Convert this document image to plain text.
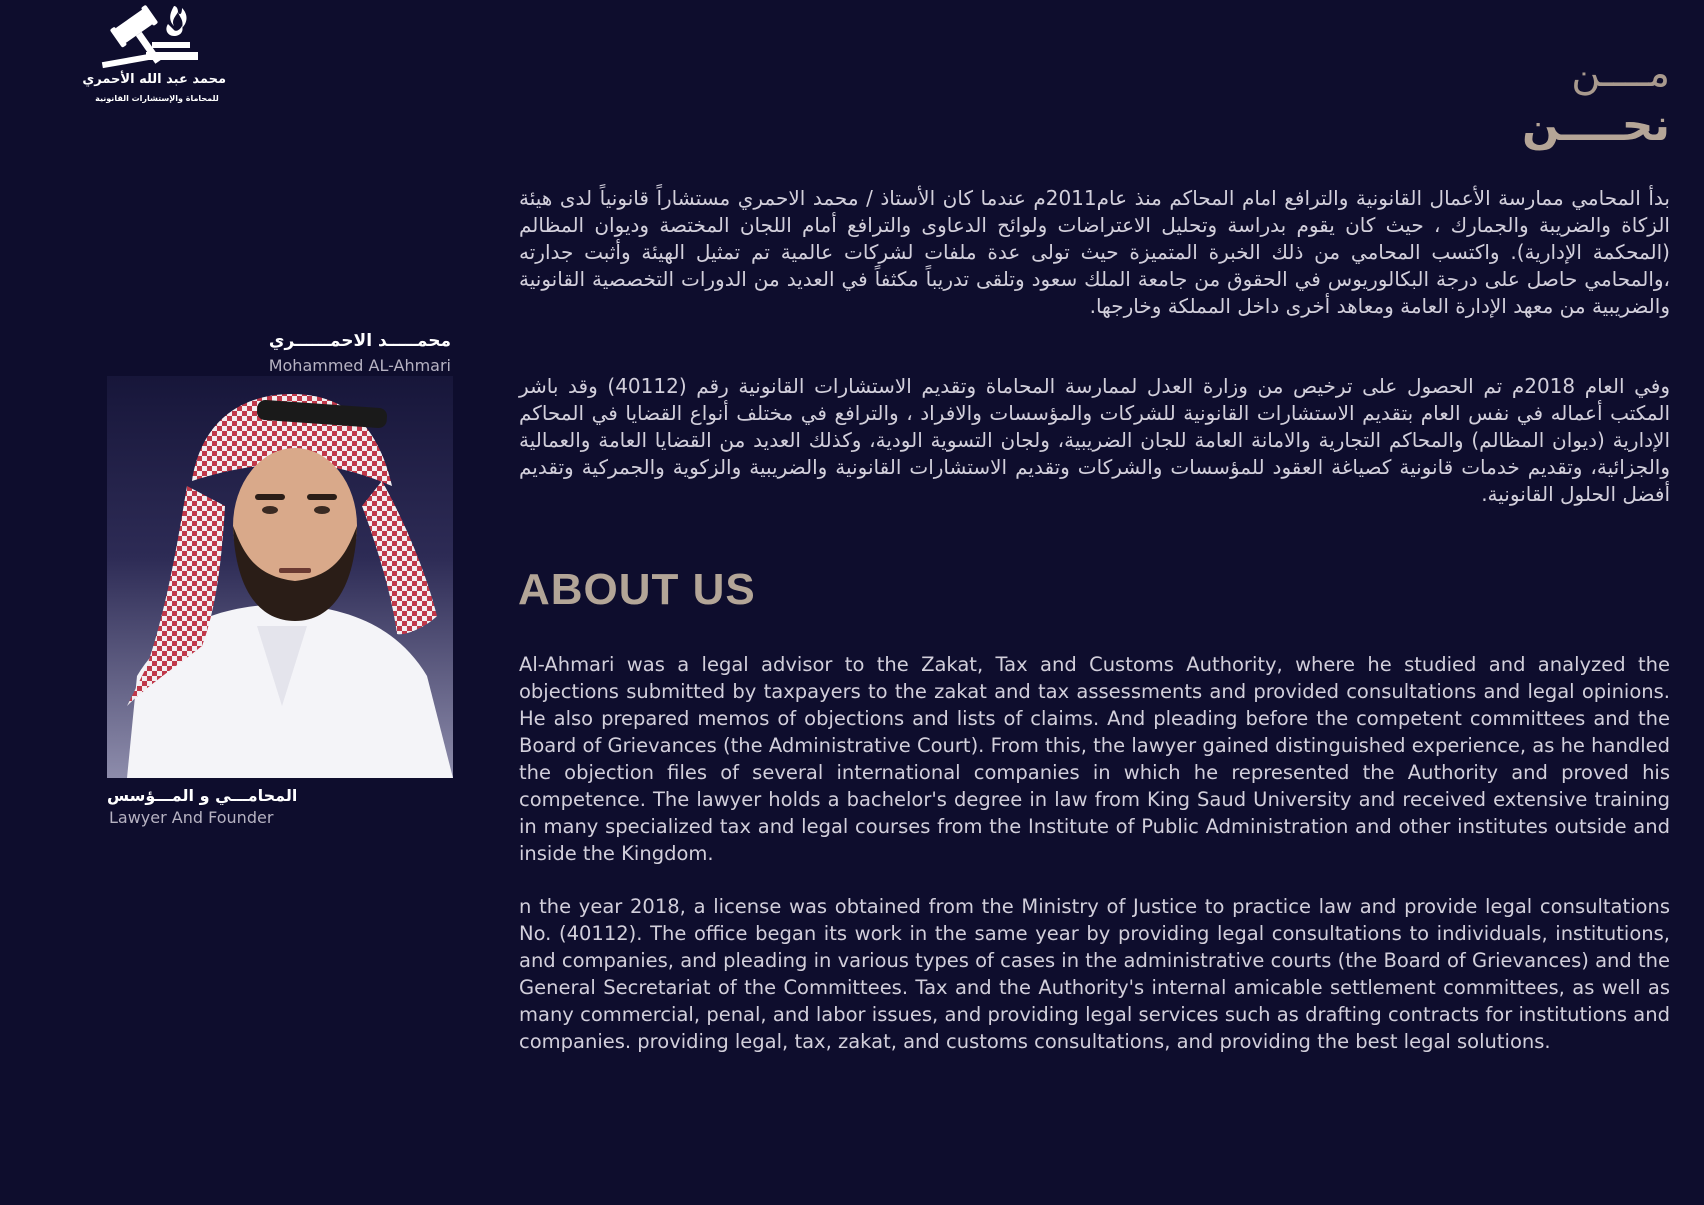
محمد عبد الله الأحمري
للمحاماة والإستشارات القانونية
محمـــــد الاحمــــــري
Mohammed AL-Ahmari
المحامـــي و المـــؤسس
Lawyer And Founder
مــــن
نحــــن

بدأ المحامي ممارسة الأعمال القانونية والترافع امام المحاكم منذ عام2011م عندما كان الأستاذ / محمد الاحمري مستشاراً قانونياً لدى هيئة الزكاة والضريبة والجمارك ، حيث كان يقوم بدراسة وتحليل الاعتراضات ولوائح الدعاوى والترافع أمام اللجان المختصة وديوان المظالم (المحكمة الإدارية). واكتسب المحامي من ذلك الخبرة المتميزة حيث تولى عدة ملفات لشركات عالمية تم تمثيل الهيئة وأثبت جدارته ،والمحامي حاصل على درجة البكالوريوس في الحقوق من جامعة الملك سعود وتلقى تدريباً مكثفاً في العديد من الدورات التخصصية القانونية والضريبية من معهد الإدارة العامة ومعاهد أخرى داخل المملكة وخارجها.

وفي العام 2018م تم الحصول على ترخيص من وزارة العدل لممارسة المحاماة وتقديم الاستشارات القانونية رقم (40112) وقد باشر المكتب أعماله في نفس العام بتقديم الاستشارات القانونية للشركات والمؤسسات والافراد ، والترافع في مختلف أنواع القضايا في المحاكم الإدارية (ديوان المظالم) والمحاكم التجارية والامانة العامة للجان الضريبية، ولجان التسوية الودية، وكذلك العديد من القضايا العامة والعمالية والجزائية، وتقديم خدمات قانونية كصياغة العقود للمؤسسات والشركات وتقديم الاستشارات القانونية والضريبية والزكوية والجمركية وتقديم أفضل الحلول القانونية.

ABOUT US

Al-Ahmari was a legal advisor to the Zakat, Tax and Customs Authority, where he studied and analyzed the objections submitted by taxpayers to the zakat and tax assessments and provided consultations and legal opinions. He also prepared memos of objections and lists of claims. And pleading before the competent committees and the Board of Grievances (the Administrative Court). From this, the lawyer gained distinguished experience, as he handled the objection files of several international companies in which he represented the Authority and proved his competence. The lawyer holds a bachelor's degree in law from King Saud University and received extensive training in many specialized tax and legal courses from the Institute of Public Administration and other institutes outside and inside the Kingdom.

n the year 2018, a license was obtained from the Ministry of Justice to practice law and provide legal consultations No. (40112). The office began its work in the same year by providing legal consultations to individuals, institutions, and companies, and pleading in various types of cases in the administrative courts (the Board of Grievances) and the General Secretariat of the Committees. Tax and the Authority's internal amicable settlement committees, as well as many commercial, penal, and labor issues, and providing legal services such as drafting contracts for institutions and companies. providing legal, tax, zakat, and customs consultations, and providing the best legal solutions.
